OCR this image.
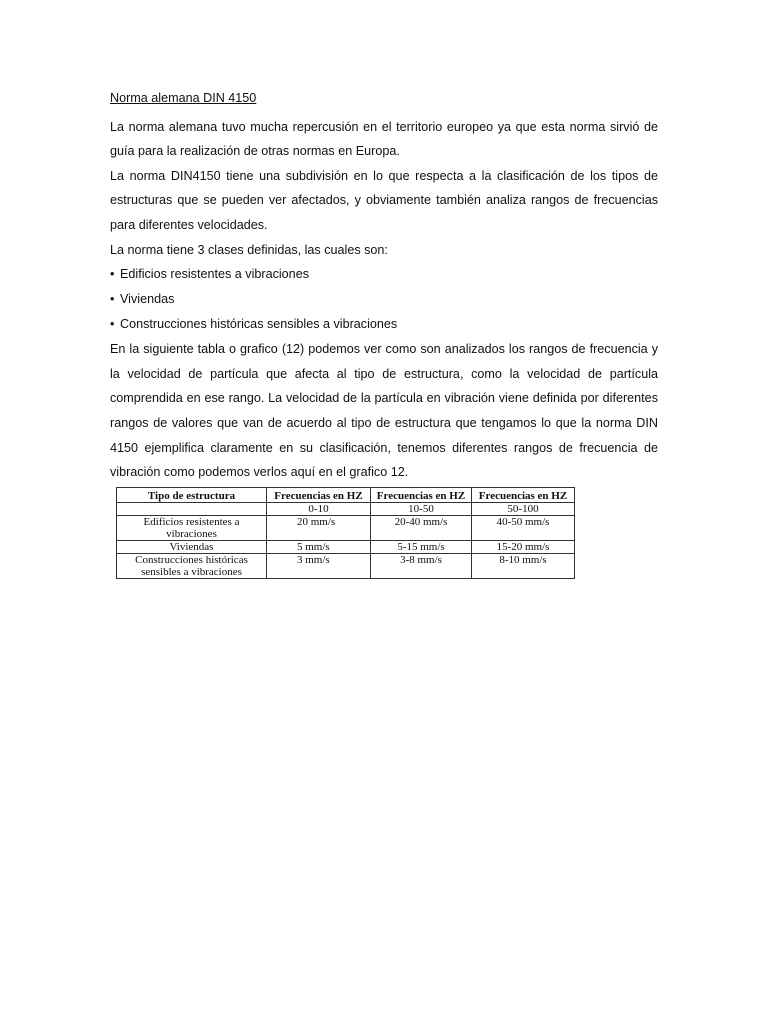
Norma alemana DIN 4150

La norma alemana tuvo mucha repercusión en el territorio europeo ya que esta norma sirvió de guía para la realización de otras normas en Europa.

La norma DIN4150 tiene una subdivisión en lo que respecta a la clasificación de los tipos de estructuras que se pueden ver afectados, y obviamente también analiza rangos de frecuencias para diferentes velocidades.

La norma tiene 3 clases definidas, las cuales son:

• Edificios resistentes a vibraciones
• Viviendas
• Construcciones históricas sensibles a vibraciones

En la siguiente tabla o grafico (12) podemos ver como son analizados los rangos de frecuencia y la velocidad de partícula que afecta al tipo de estructura, como la velocidad de partícula comprendida en ese rango. La velocidad de la partícula en vibración viene definida por diferentes rangos de valores que van de acuerdo al tipo de estructura que tengamos lo que la norma DIN 4150 ejemplifica claramente en su clasificación, tenemos diferentes rangos de frecuencia de vibración como podemos verlos aquí en el grafico 12.

Tipo de estructura	Frecuencias en HZ	Frecuencias en HZ	Frecuencias en HZ
	0-10	10-50	50-100
Edificios resistentes a vibraciones	20 mm/s	20-40 mm/s	40-50 mm/s
Viviendas	5 mm/s	5-15 mm/s	15-20 mm/s
Construcciones históricas sensibles a vibraciones	3 mm/s	3-8 mm/s	8-10 mm/s
